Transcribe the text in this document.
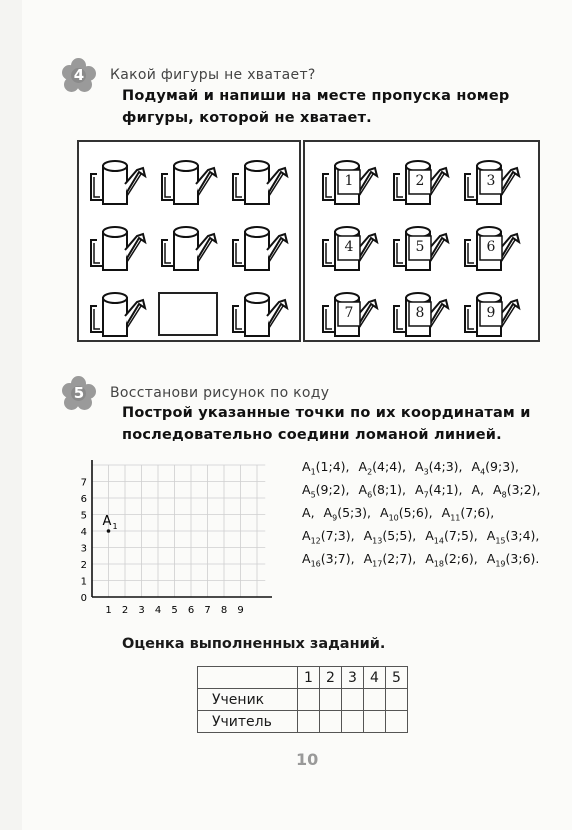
4	Какой фигуры не хватает?
Подумай и напиши на месте пропуска номер
фигуры, которой не хватает.
1	2	3
4	5	6
7	8	9
5	Восстанови рисунок по коду
Построй указанные точки по их координатам и
последовательно соедини ломаной линией.
7
6
5
4
3
2
1
0
1 2 3 4 5 6 7 8 9
A 1
$A_1(1;4)$, $A_2(4;4)$, $A_3(4;3)$, $A_4(9;3)$, $A_5(9;2)$, $A_6(8;1)$, $A_7(4;1)$, A, $A_8(3;2)$, A, $A_9(5;3)$, $A_{10}(5;6)$, $A_{11}(7;6)$, $A_{12}(7;3)$, $A_{13}(5;5)$, $A_{14}(7;5)$, $A_{15}(3;4)$, $A_{16}(3;7)$, $A_{17}(2;7)$, $A_{18}(2;6)$, $A_{19}(3;6)$.
Оценка выполненных заданий.
	1	2	3	4	5
Ученик					
Учитель					
10
